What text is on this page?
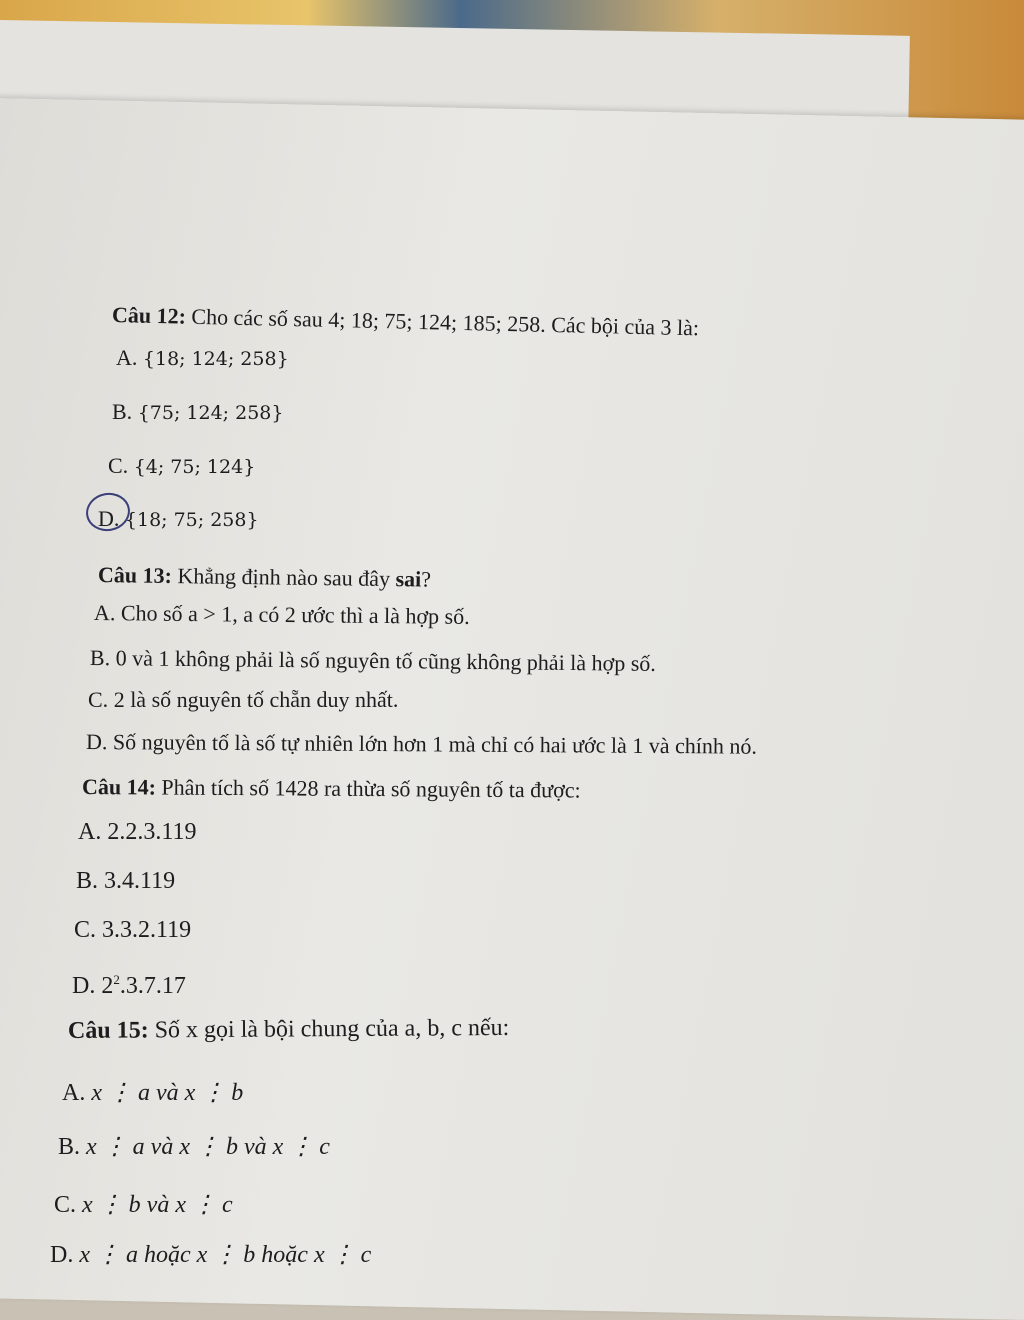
Câu 12: Cho các số sau 4; 18; 75; 124; 185; 258. Các bội của 3 là:
A. {18; 124; 258}
B. {75; 124; 258}
C. {4; 75; 124}
D. {18; 75; 258}
Câu 13: Khẳng định nào sau đây sai?
A. Cho số a > 1, a có 2 ước thì a là hợp số.
B. 0 và 1 không phải là số nguyên tố cũng không phải là hợp số.
C. 2 là số nguyên tố chẵn duy nhất.
D. Số nguyên tố là số tự nhiên lớn hơn 1 mà chỉ có hai ước là 1 và chính nó.
Câu 14: Phân tích số 1428 ra thừa số nguyên tố ta được:
A. 2.2.3.119
B. 3.4.119
C. 3.3.2.119
D. $2^2.3.7.17$
Câu 15: Số x gọi là bội chung của a, b, c nếu:
A. x ⋮ a và x ⋮ b
B. x ⋮ a và x ⋮ b và x ⋮ c
C. x ⋮ b và x ⋮ c
D. x ⋮ a hoặc x ⋮ b hoặc x ⋮ c
